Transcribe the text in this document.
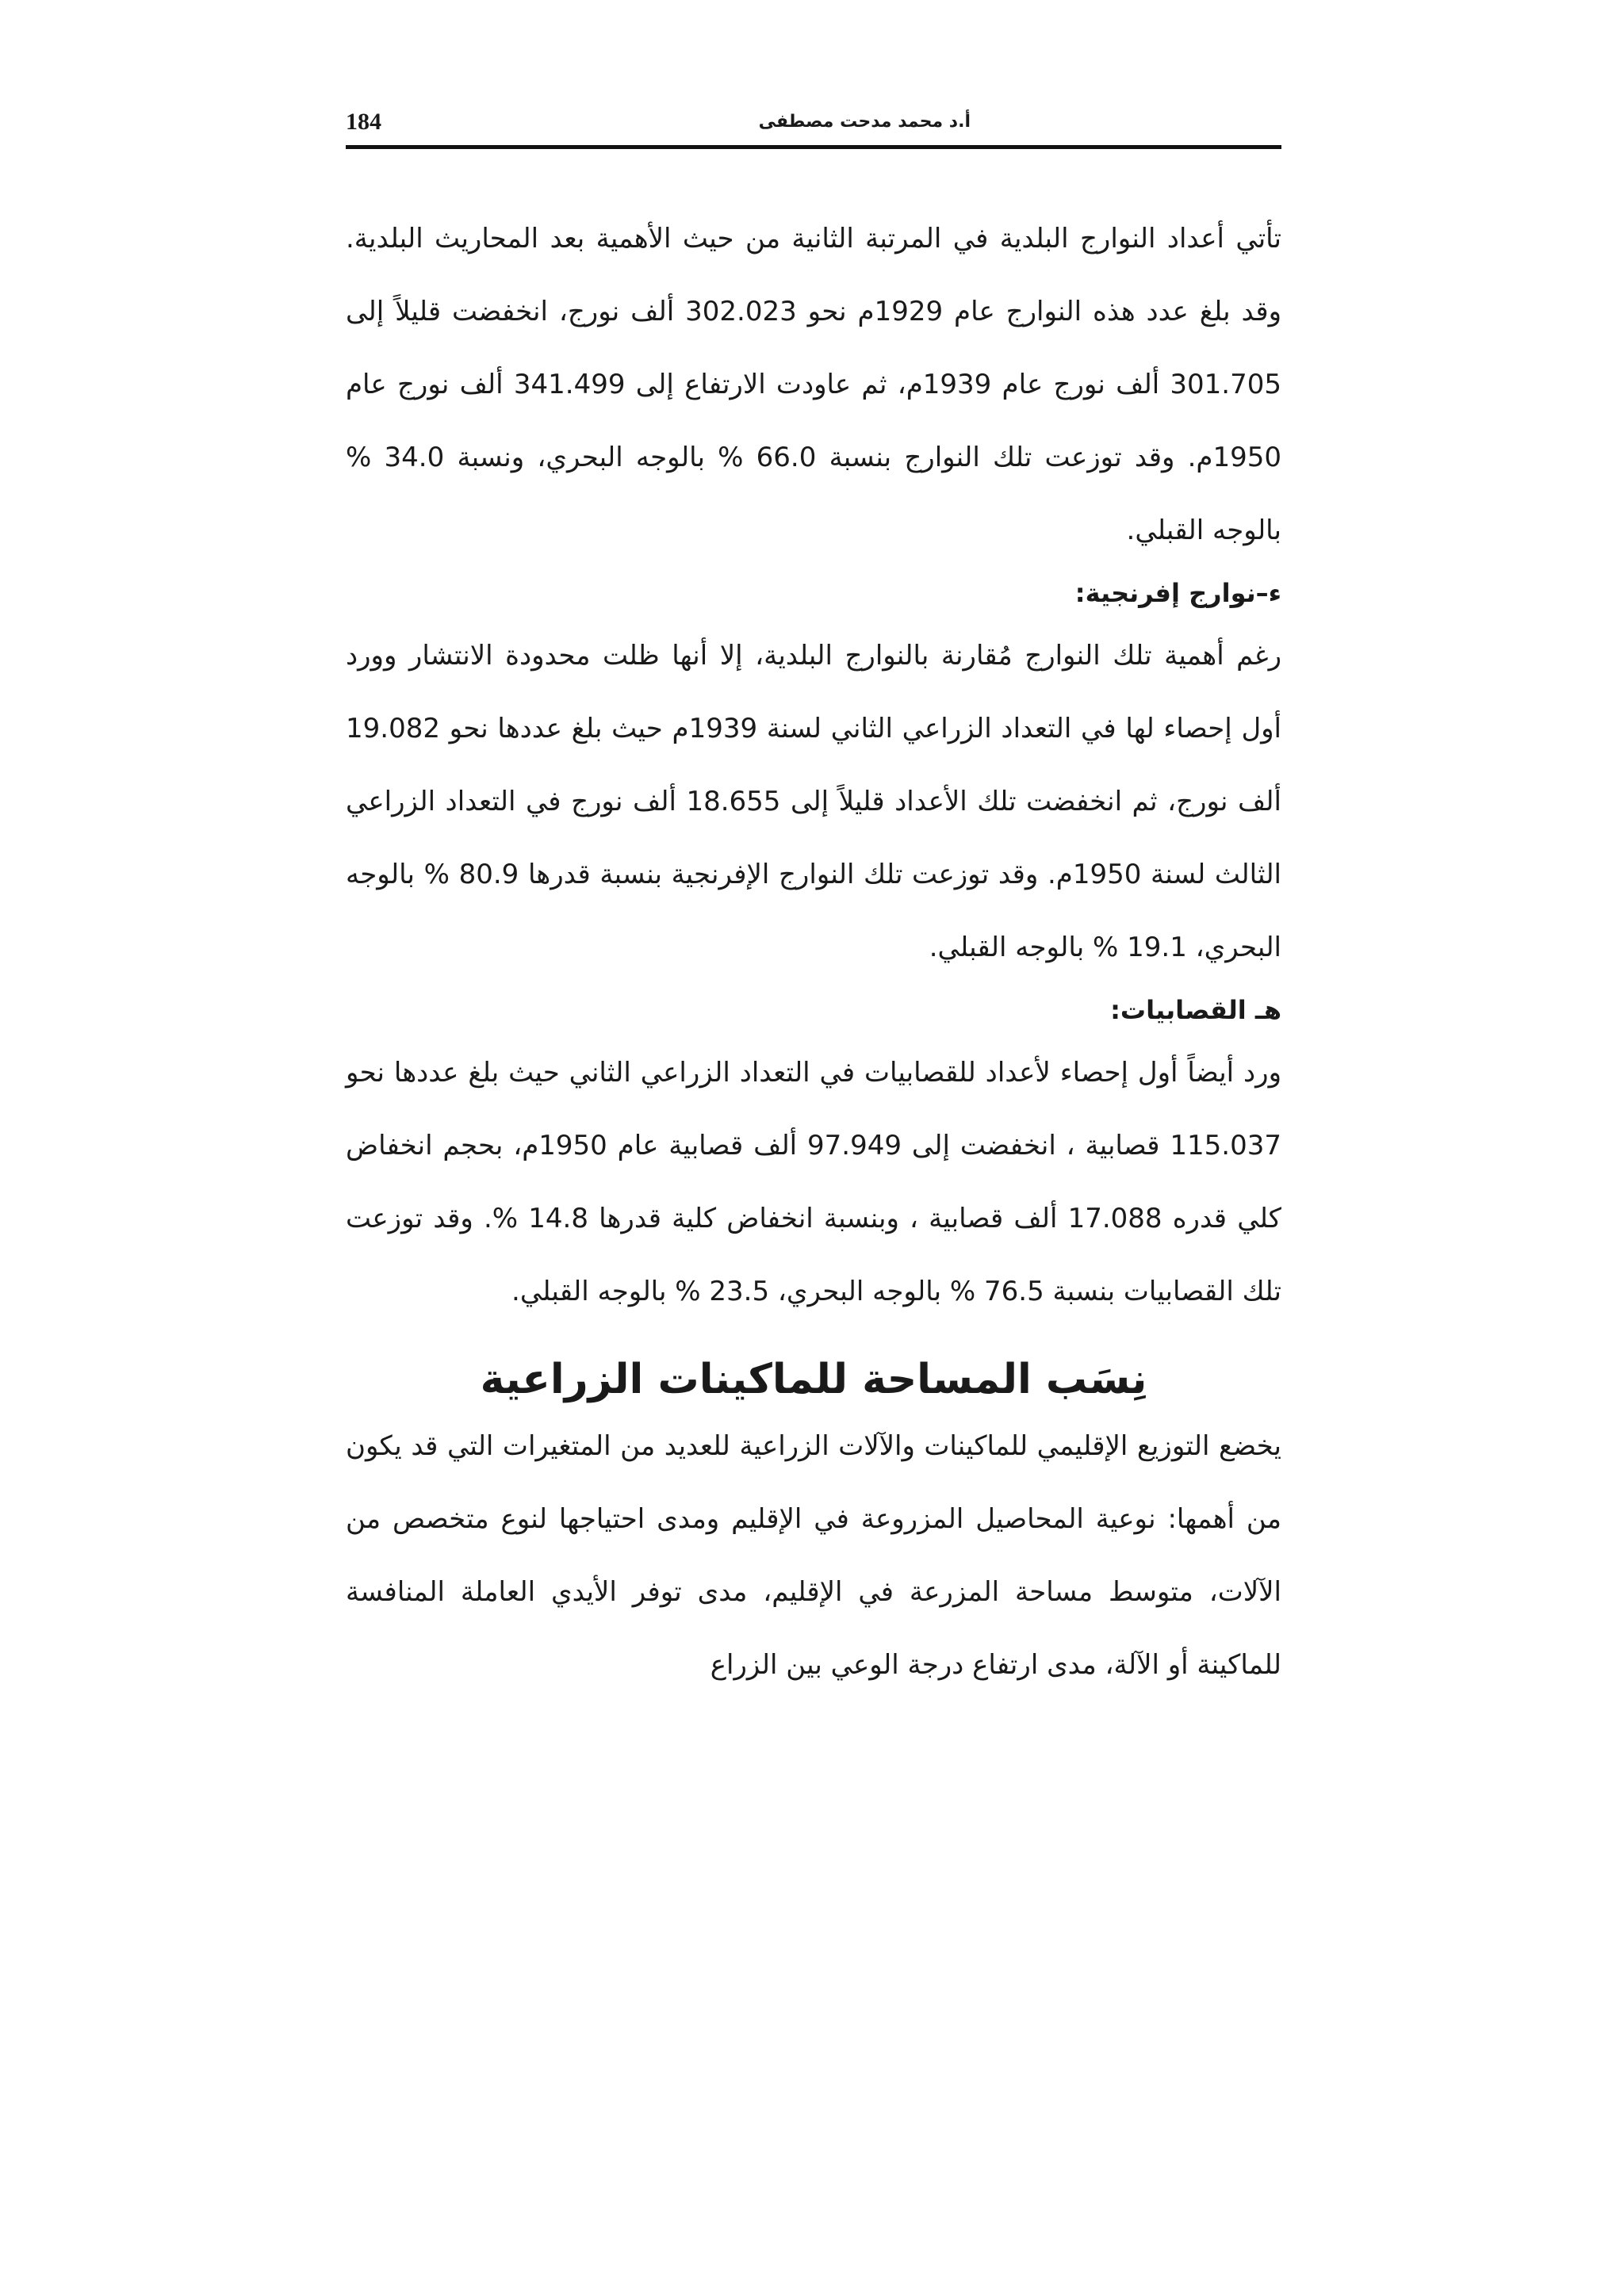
184	أ.د محمد مدحت مصطفى

تأتي أعداد النوارج البلدية في المرتبة الثانية من حيث الأهمية بعد المحاريث البلدية. وقد بلغ عدد هذه النوارج عام 1929م نحو 302.023 ألف نورج، انخفضت قليلاً إلى 301.705 ألف نورج عام 1939م، ثم عاودت الارتفاع إلى 341.499 ألف نورج عام 1950م. وقد توزعت تلك النوارج بنسبة 66.0 % بالوجه البحري، ونسبة 34.0 % بالوجه القبلي.

ء–نوارج إفرنجية:

رغم أهمية تلك النوارج مُقارنة بالنوارج البلدية، إلا أنها ظلت محدودة الانتشار وورد أول إحصاء لها في التعداد الزراعي الثاني لسنة 1939م حيث بلغ عددها نحو 19.082 ألف نورج، ثم انخفضت تلك الأعداد قليلاً إلى 18.655 ألف نورج في التعداد الزراعي الثالث لسنة 1950م. وقد توزعت تلك النوارج الإفرنجية بنسبة قدرها 80.9 % بالوجه البحري، 19.1 % بالوجه القبلي.

هـ القصابيات:

ورد أيضاً أول إحصاء لأعداد للقصابيات في التعداد الزراعي الثاني حيث بلغ عددها نحو 115.037 قصابية ، انخفضت إلى 97.949 ألف قصابية عام 1950م، بحجم انخفاض كلي قدره 17.088 ألف قصابية ، وبنسبة انخفاض كلية قدرها 14.8 %. وقد توزعت تلك القصابيات بنسبة 76.5 % بالوجه البحري، 23.5 % بالوجه القبلي.

نِسَب المساحة للماكينات الزراعية

يخضع التوزيع الإقليمي للماكينات والآلات الزراعية للعديد من المتغيرات التي قد يكون من أهمها: نوعية المحاصيل المزروعة في الإقليم ومدى احتياجها لنوع متخصص من الآلات، متوسط مساحة المزرعة في الإقليم، مدى توفر الأيدي العاملة المنافسة للماكينة أو الآلة، مدى ارتفاع درجة الوعي بين الزراع
